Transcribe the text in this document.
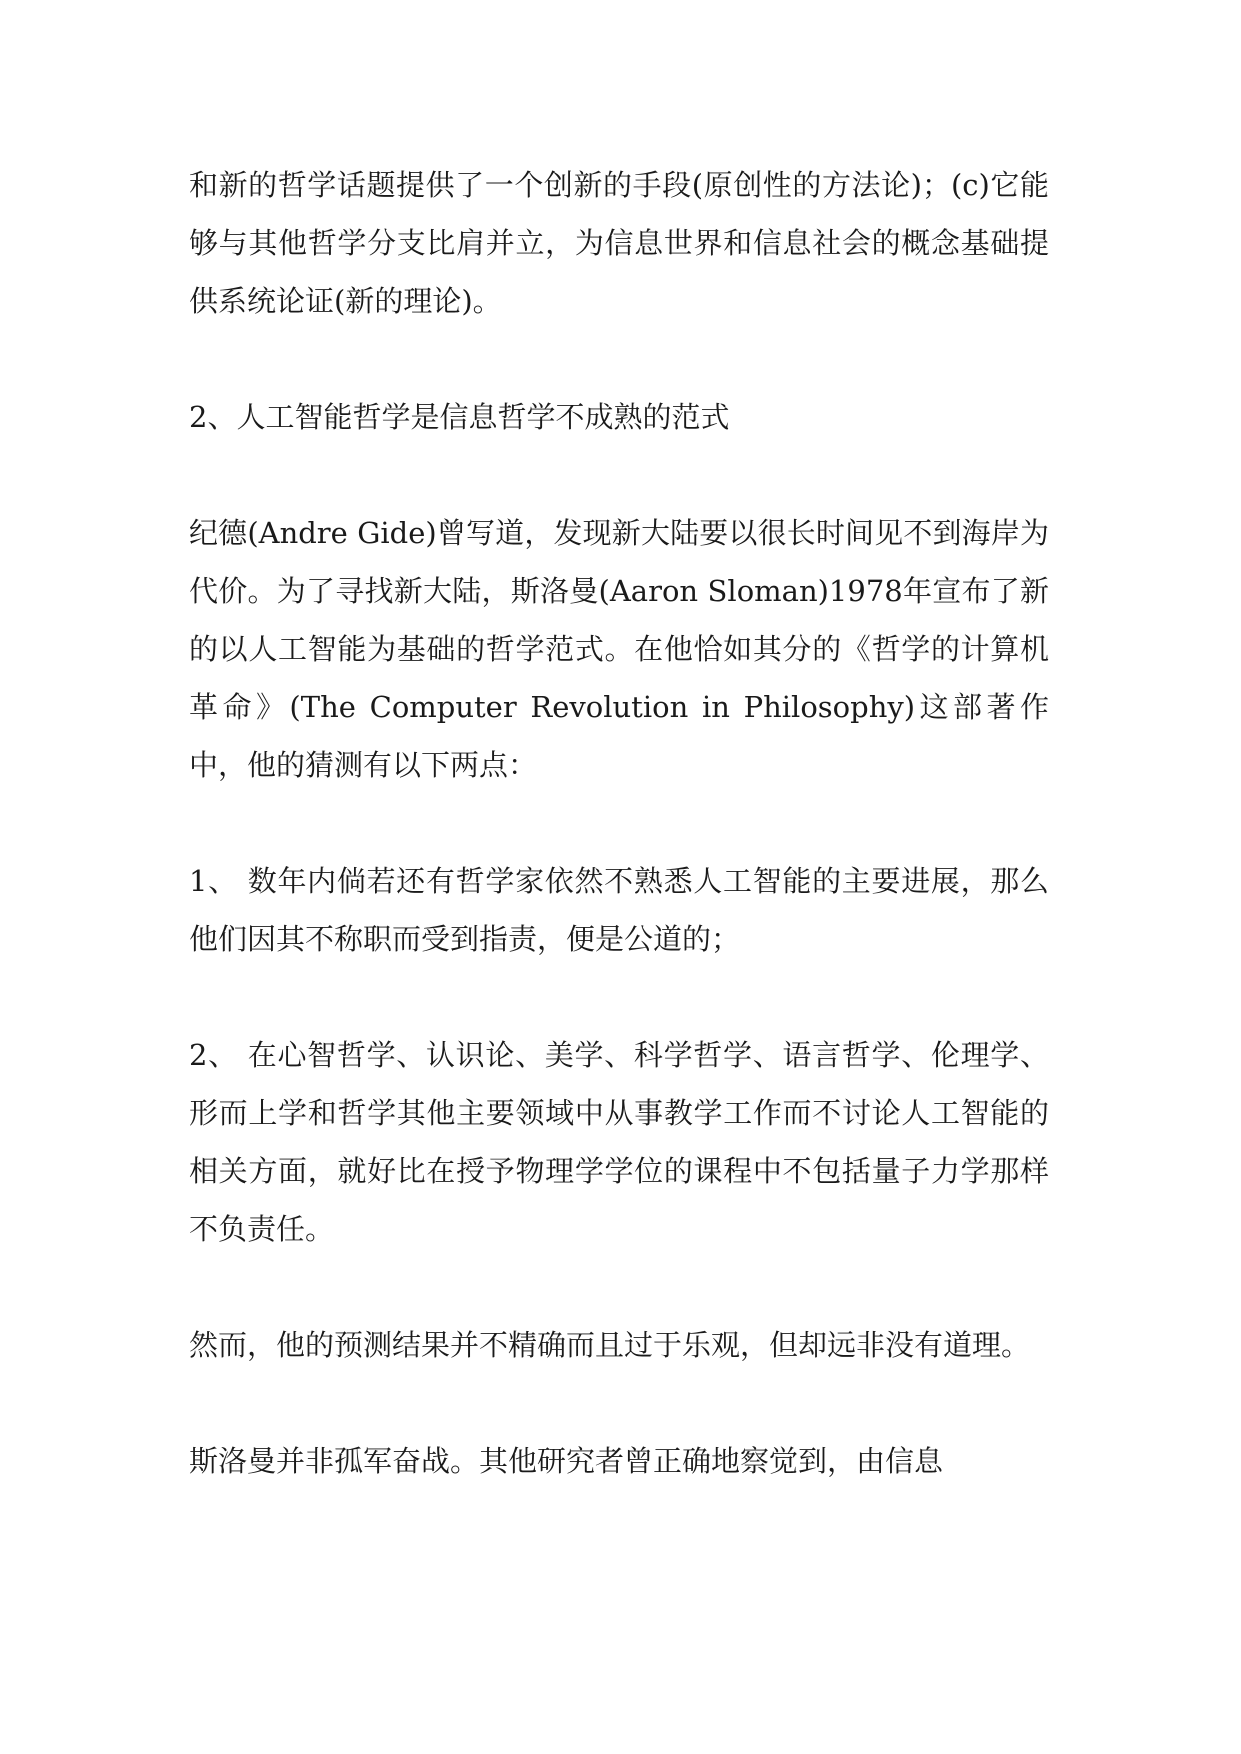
和新的哲学话题提供了一个创新的手段(原创性的方法论)；(c)它能够与其他哲学分支比肩并立，为信息世界和信息社会的概念基础提供系统论证(新的理论)。

2、人工智能哲学是信息哲学不成熟的范式

纪德(Andre Gide)曾写道，发现新大陆要以很长时间见不到海岸为代价。为了寻找新大陆，斯洛曼(Aaron Sloman)1978年宣布了新的以人工智能为基础的哲学范式。在他恰如其分的《哲学的计算机革命》(The Computer Revolution in Philosophy)这部著作中，他的猜测有以下两点：

1、 数年内倘若还有哲学家依然不熟悉人工智能的主要进展，那么他们因其不称职而受到指责，便是公道的；

2、 在心智哲学、认识论、美学、科学哲学、语言哲学、伦理学、形而上学和哲学其他主要领域中从事教学工作而不讨论人工智能的相关方面，就好比在授予物理学学位的课程中不包括量子力学那样不负责任。

然而，他的预测结果并不精确而且过于乐观，但却远非没有道理。

斯洛曼并非孤军奋战。其他研究者曾正确地察觉到，由信息
